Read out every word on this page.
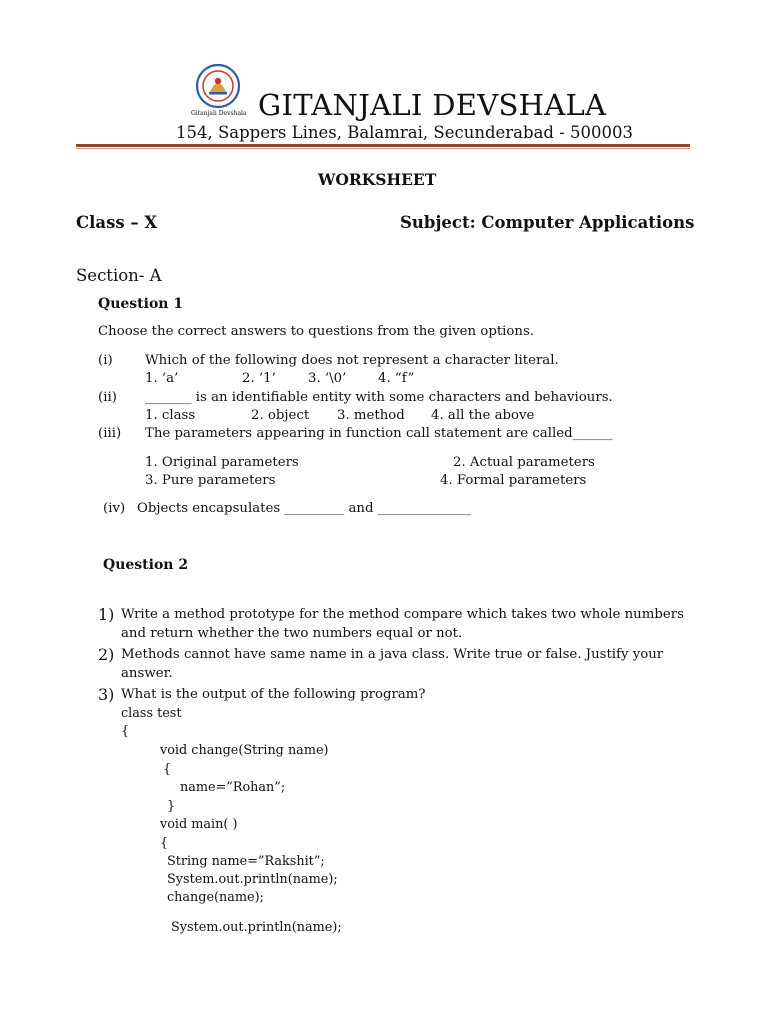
Gitanjali Devshala GITANJALI DEVSHALA
154, Sappers Lines, Balamrai, Secunderabad - 500003
WORKSHEET
Class – X	Subject: Computer Applications
Section- A
Question 1
Choose the correct answers to questions from the given options.
(i) Which of the following does not represent a character literal.
1. ‘a’	2. ‘1’ 3. ‘\0’ 4. “f”
(ii) _______ is an identifiable entity with some characters and behaviours.
1. class	2. object 3. method 4. all the above
(iii) The parameters appearing in function call statement are called______
1. Original parameters	2. Actual parameters
3. Pure parameters	4. Formal parameters
(iv) Objects encapsulates _________ and ______________
Question 2
1) Write a method prototype for the method compare which takes two whole numbers
and return whether the two numbers equal or not.
2) Methods cannot have same name in a java class. Write true or false. Justify your
answer.
3) What is the output of the following program?
class test
{
void change(String name)
{
name=”Rohan”;
}
void main( )
{
String name=”Rakshit”;
System.out.println(name);
change(name);
System.out.println(name);
